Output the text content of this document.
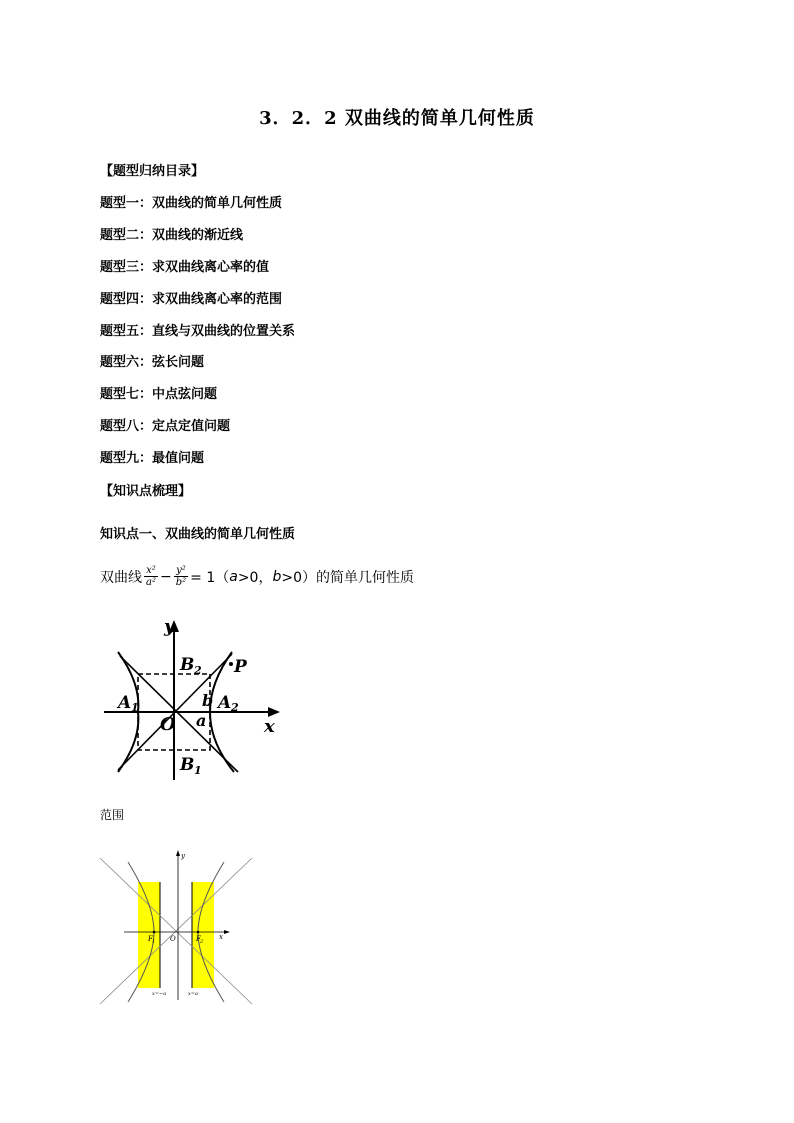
3．2．2 双曲线的简单几何性质
【题型归纳目录】
题型一：双曲线的简单几何性质
题型二：双曲线的渐近线
题型三：求双曲线离心率的值
题型四：求双曲线离心率的范围
题型五：直线与双曲线的位置关系
题型六：弦长问题
题型七：中点弦问题
题型八：定点定值问题
题型九：最值问题
【知识点梳理】
知识点一、双曲线的简单几何性质
双曲线 $\frac{\text{x²}}{\text{a²}} - \frac{\text{y²}}{\text{b²}} = 1$（ a >0， b >0）的简单几何性质
y
x
B 2
B 1
A 1	A 2
P
O a
b
范围
y
x
O
F 1	F 2
x=−a	x=a
